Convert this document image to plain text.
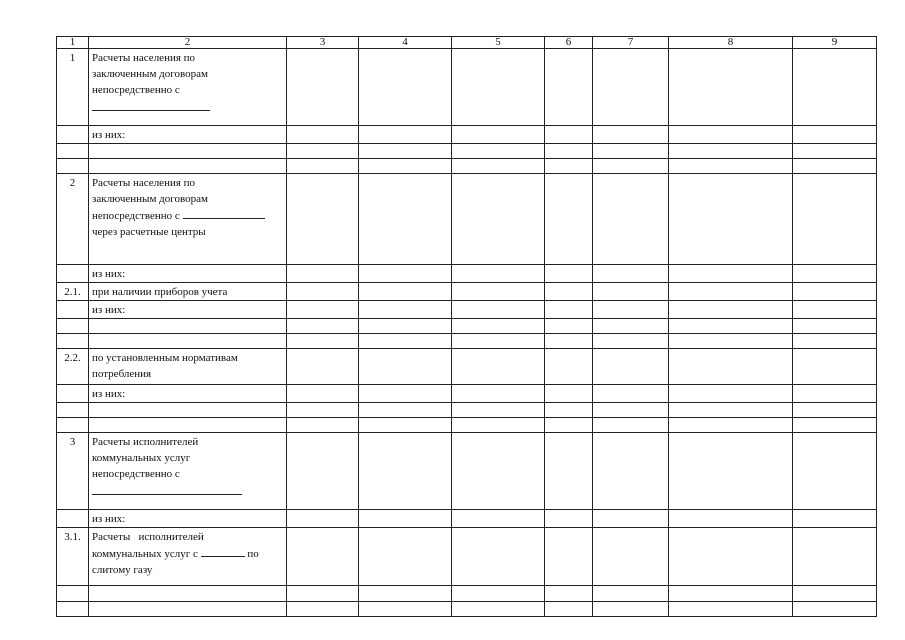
1	2	3	4	5	6	7	8	9
1	Расчеты населения по
заключенным договорам
непосредственно с							

	из них:							

2	Расчеты населения по
заключенным договорам
непосредственно с
через расчетные центры							

	из них:							
2.1.	при наличии приборов учета							
	из них:							

2.2.	по установленным нормативам
потребления							

	из них:							

3	Расчеты исполнителей
коммунальных услуг
непосредственно с							

	из них:							
3.1.	Расчеты   исполнителей
коммунальных услуг с по
слитому газу							
